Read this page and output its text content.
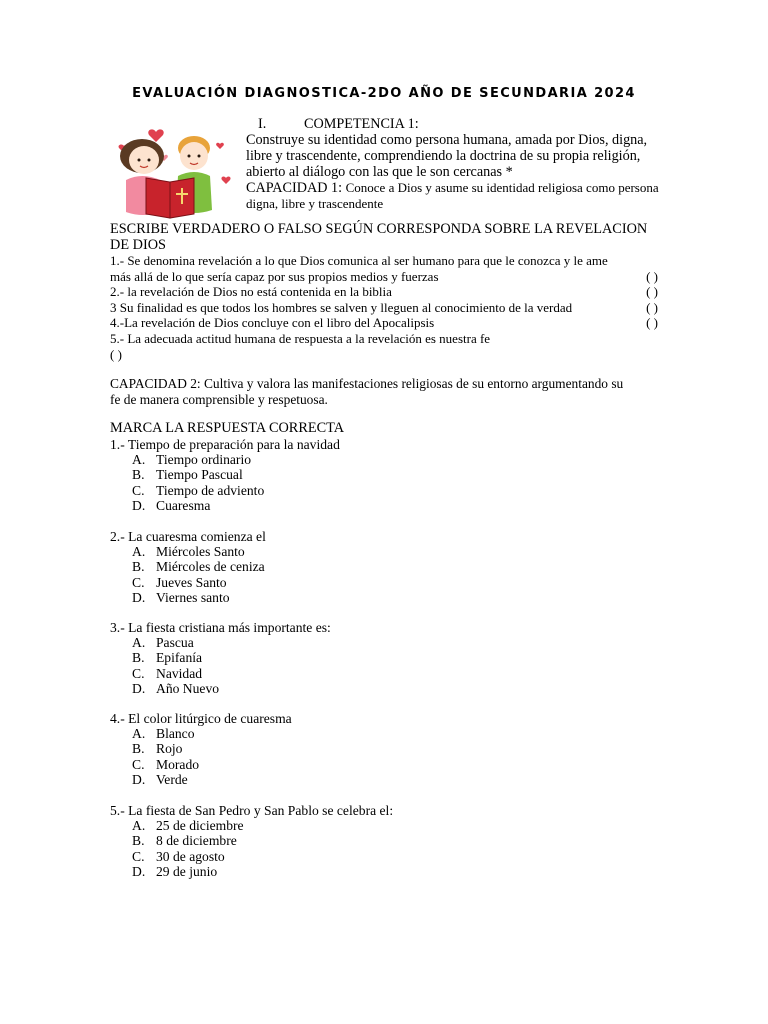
EVALUACIÓN DIAGNOSTICA-2DO AÑO DE SECUNDARIA 2024
I.	COMPETENCIA 1:
Construye su identidad como persona humana, amada por Dios, digna, libre y trascendente, comprendiendo la doctrina de su propia religión, abierto al diálogo con las que le son cercanas *
CAPACIDAD 1: Conoce a Dios y asume su identidad religiosa como persona digna, libre y trascendente
ESCRIBE VERDADERO O FALSO SEGÚN CORRESPONDA SOBRE LA REVELACION
DE DIOS
1.- Se denomina revelación a lo que Dios comunica al ser humano para que le conozca y le ame
más allá de lo que sería capaz por sus propios medios y fuerzas	( )
2.- la revelación de Dios no está contenida en la biblia	( )
3 Su finalidad es que todos los hombres se salven y lleguen al conocimiento de la verdad	( )
4.-La revelación de Dios concluye con el libro del Apocalipsis	( )
5.- La adecuada actitud humana de respuesta a la revelación es nuestra fe
( )
CAPACIDAD 2: Cultiva y valora las manifestaciones religiosas de su entorno argumentando su
fe de manera comprensible y respetuosa.
MARCA LA RESPUESTA CORRECTA
1.- Tiempo de preparación para la navidad
A. Tiempo ordinario
B. Tiempo Pascual
C. Tiempo de adviento
D. Cuaresma
2.- La cuaresma comienza el
A. Miércoles Santo
B. Miércoles de ceniza
C. Jueves Santo
D. Viernes santo
3.- La fiesta cristiana más importante es:
A. Pascua
B. Epifanía
C. Navidad
D. Año Nuevo
4.- El color litúrgico de cuaresma
A. Blanco
B. Rojo
C. Morado
D. Verde
5.- La fiesta de San Pedro y San Pablo se celebra el:
A. 25 de diciembre
B. 8 de diciembre
C. 30 de agosto
D. 29 de junio
